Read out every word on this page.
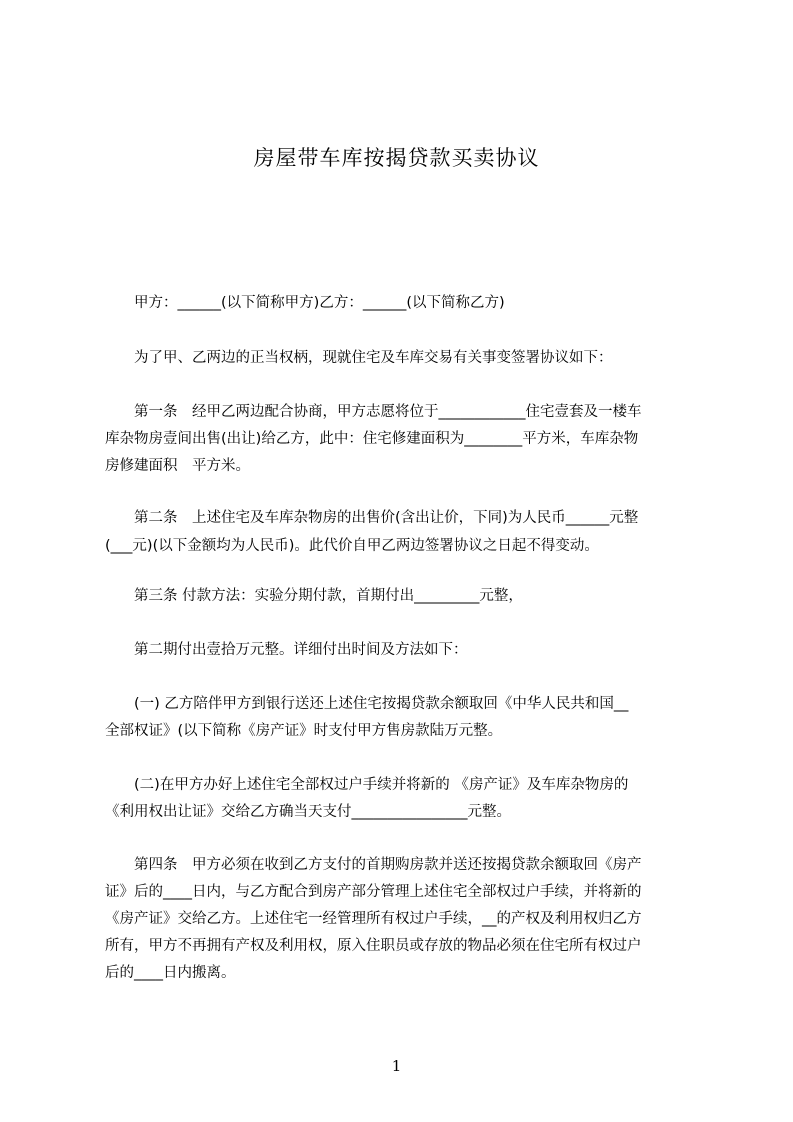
房屋带车库按揭贷款买卖协议
　　甲方：______(以下简称甲方)乙方：______(以下简称乙方)
　　为了甲、乙两边的正当权柄，现就住宅及车库交易有关事变签署协议如下：
　　第一条　经甲乙两边配合协商，甲方志愿将位于____________住宅壹套及一楼车
库杂物房壹间出售(出让)给乙方，此中：住宅修建面积为________平方米，车库杂物
房修建面积　平方米。
　　第二条　上述住宅及车库杂物房的出售价(含出让价，下同)为人民币______元整
(___元)(以下金额均为人民币)。此代价自甲乙两边签署协议之日起不得变动。
　　第三条 付款方法：实验分期付款，首期付出_________元整，
　　第二期付出壹拾万元整。详细付出时间及方法如下：
　　(一) 乙方陪伴甲方到银行送还上述住宅按揭贷款余额取回《中华人民共和国__
全部权证》(以下简称《房产证》时支付甲方售房款陆万元整。
　　(二)在甲方办好上述住宅全部权过户手续并将新的 《房产证》及车库杂物房的
《利用权出让证》交给乙方确当天支付________________元整。
　　第四条　甲方必须在收到乙方支付的首期购房款并送还按揭贷款余额取回《房产
证》后的____日内，与乙方配合到房产部分管理上述住宅全部权过户手续，并将新的
《房产证》交给乙方。上述住宅一经管理所有权过户手续，__的产权及利用权归乙方
所有，甲方不再拥有产权及利用权，原入住职员或存放的物品必须在住宅所有权过户
后的____日内搬离。
1
